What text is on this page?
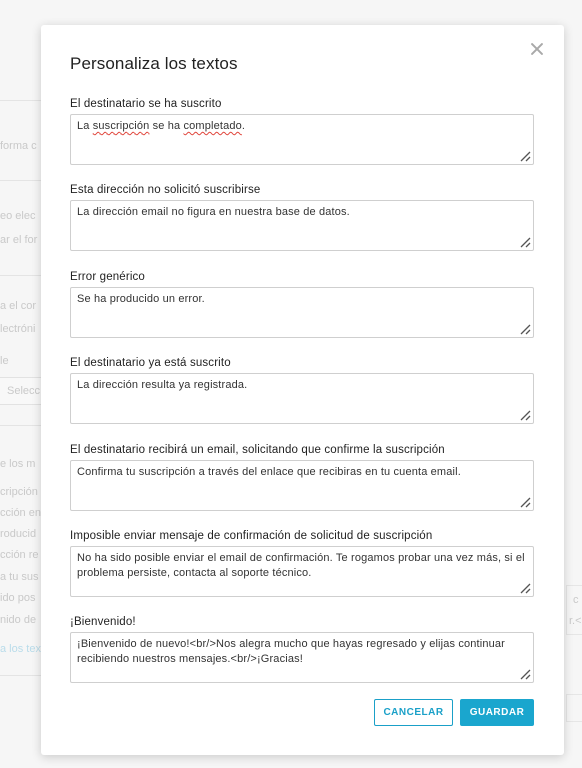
forma c
eo elec
ar el for
a el cor
lectróni
le
Selecc
e los m
cripción
cción en
roducid
cción re
a tu sus
ido pos
nido de
a los tex
c
r.<
Personaliza los textos
El destinatario se ha suscrito
La suscripción se ha completado.
Esta dirección no solicitó suscribirse
La dirección email no figura en nuestra base de datos.
Error genérico
Se ha producido un error.
El destinatario ya está suscrito
La dirección resulta ya registrada.
El destinatario recibirá un email, solicitando que confirme la suscripción
Confirma tu suscripción a través del enlace que recibiras en tu cuenta email.
Imposible enviar mensaje de confirmación de solicitud de suscripción
No ha sido posible enviar el email de confirmación. Te rogamos probar una vez más, si el problema persiste, contacta al soporte técnico.
¡Bienvenido!
¡Bienvenido de nuevo!<br/>Nos alegra mucho que hayas regresado y elijas continuar recibiendo nuestros mensajes.<br/>¡Gracias!
CANCELAR	GUARDAR
